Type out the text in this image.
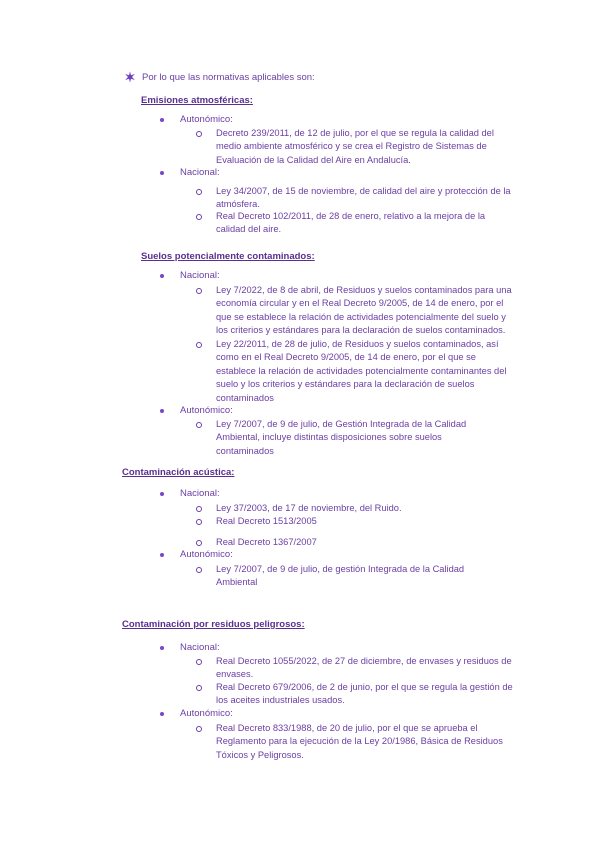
Por lo que las normativas aplicables son:
Emisiones atmosféricas:
Autonómico:
Decreto 239/2011, de 12 de julio, por el que se regula la calidad del medio ambiente atmosférico y se crea el Registro de Sistemas de Evaluación de la Calidad del Aire en Andalucía.
Nacional:
Ley 34/2007, de 15 de noviembre, de calidad del aire y protección de la atmósfera.
Real Decreto 102/2011, de 28 de enero, relativo a la mejora de la calidad del aire.
Suelos potencialmente contaminados:
Nacional:
Ley 7/2022, de 8 de abril, de Residuos y suelos contaminados para una economía circular y en el Real Decreto 9/2005, de 14 de enero, por el que se establece la relación de actividades potencialmente del suelo y los criterios y estándares para la declaración de suelos contaminados.
Ley 22/2011, de 28 de julio, de Residuos y suelos contaminados, así como en el Real Decreto 9/2005, de 14 de enero, por el que se establece la relación de actividades potencialmente contaminantes del suelo y los criterios y estándares para la declaración de suelos contaminados
Autonómico:
Ley 7/2007, de 9 de julio, de Gestión Integrada de la Calidad Ambiental, incluye distintas disposiciones sobre suelos contaminados
Contaminación acústica:
Nacional:
Ley 37/2003, de 17 de noviembre, del Ruido.
Real Decreto 1513/2005
Real Decreto 1367/2007
Autonómico:
Ley 7/2007, de 9 de julio, de gestión Integrada de la Calidad Ambiental
Contaminación por residuos peligrosos:
Nacional:
Real Decreto 1055/2022, de 27 de diciembre, de envases y residuos de envases.
Real Decreto 679/2006, de 2 de junio, por el que se regula la gestión de los aceites industriales usados.
Autonómico:
Real Decreto 833/1988, de 20 de julio, por el que se aprueba el Reglamento para la ejecución de la Ley 20/1986, Básica de Residuos Tóxicos y Peligrosos.
